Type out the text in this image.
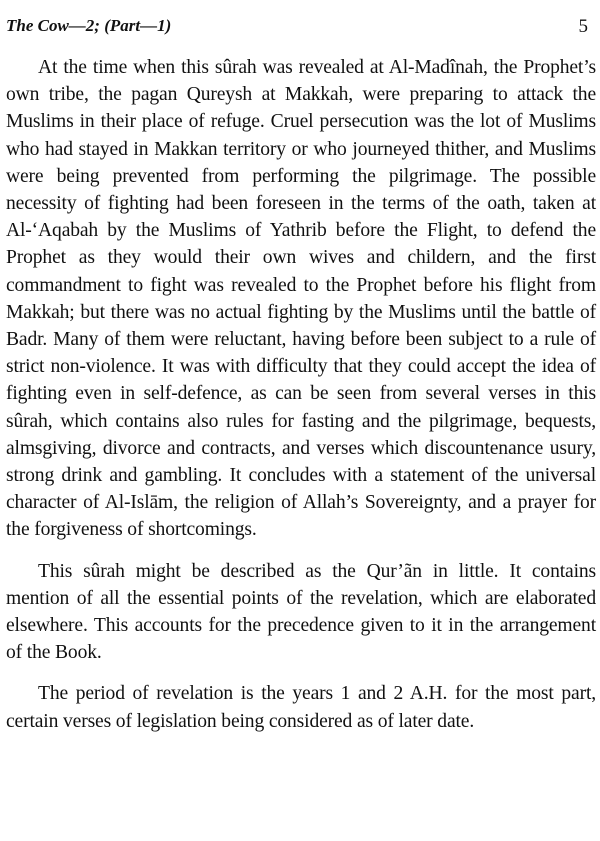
The Cow—2; (Part—1)	5

At the time when this sûrah was revealed at Al-Madînah, the Prophet’s own tribe, the pagan Qureysh at Makkah, were preparing to attack the Muslims in their place of refuge. Cruel persecution was the lot of Muslims who had stayed in Makkan territory or who journeyed thither, and Muslims were being prevented from performing the pilgrimage. The possible necessity of fighting had been foreseen in the terms of the oath, taken at Al-‘Aqabah by the Muslims of Yathrib before the Flight, to defend the Prophet as they would their own wives and childern, and the first commandment to fight was revealed to the Prophet before his flight from Makkah; but there was no actual fighting by the Muslims until the battle of Badr. Many of them were reluctant, having before been subject to a rule of strict non-violence. It was with difficulty that they could accept the idea of fighting even in self-defence, as can be seen from several verses in this sûrah, which contains also rules for fasting and the pilgrimage, bequests, almsgiving, divorce and contracts, and verses which discountenance usury, strong drink and gambling. It concludes with a statement of the universal character of Al-Islām, the religion of Allah’s Sovereignty, and a prayer for the forgiveness of shortcomings.

This sûrah might be described as the Qur’ãn in little. It contains mention of all the essential points of the revelation, which are elaborated elsewhere. This accounts for the precedence given to it in the arrangement of the Book.

The period of revelation is the years 1 and 2 A.H. for the most part, certain verses of legislation being considered as of later date.
